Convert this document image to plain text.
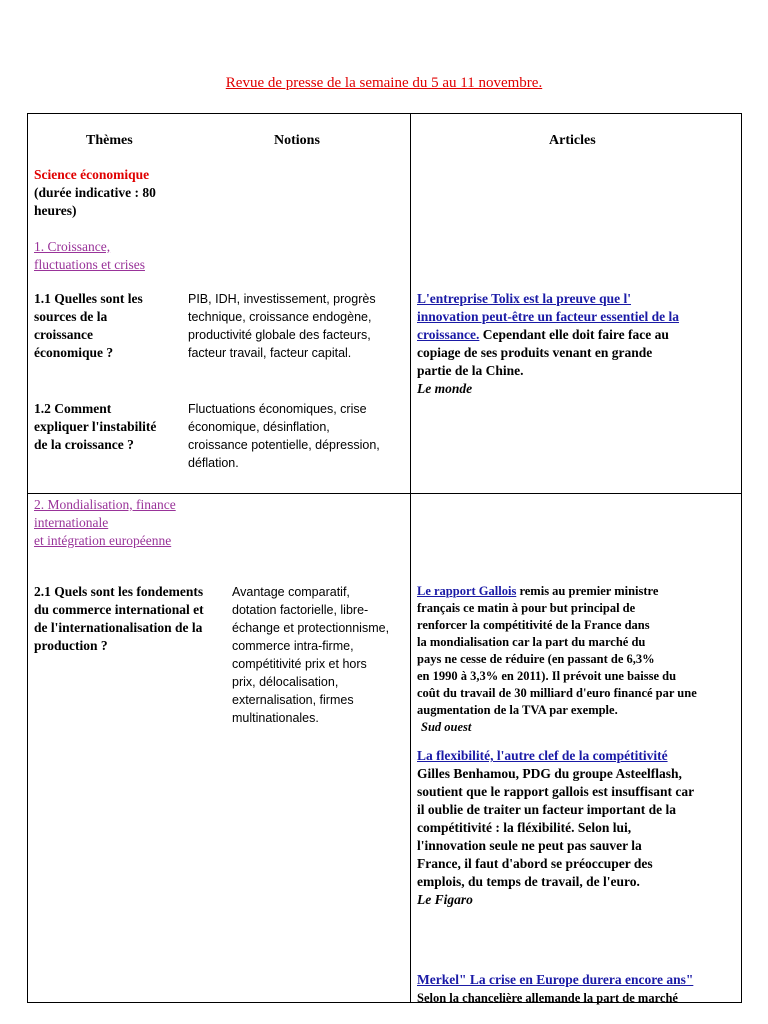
Revue de presse de la semaine du 5 au 11 novembre.
Thèmes	Notions	Articles

Science économique

(durée indicative : 80

heures)

1. Croissance,

fluctuations et crises

1.1 Quelles sont les

sources de la

croissance

économique ?

PIB, IDH, investissement, progrès

technique, croissance endogène,

productivité globale des facteurs,

facteur travail, facteur capital.

1.2 Comment

expliquer l'instabilité

de la croissance ?

Fluctuations économiques, crise

économique, désinflation,

croissance potentielle, dépression,

déflation.

L'entreprise Tolix est la preuve que l'

innovation peut-être un facteur essentiel de la

croissance. Cependant elle doit faire face au

copiage de ses produits venant en grande

partie de la Chine.

Le monde

2. Mondialisation, finance

internationale

et intégration européenne

2.1 Quels sont les fondements

du commerce international et

de l'internationalisation de la

production ?

Avantage comparatif,

dotation factorielle, libre-

échange et protectionnisme,

commerce intra-firme,

compétitivité prix et hors

prix, délocalisation,

externalisation, firmes

multinationales.

Le rapport Gallois remis au premier ministre

français ce matin à pour but principal de

renforcer la compétitivité de la France dans

la mondialisation car la part du marché du

pays ne cesse de réduire (en passant de 6,3%

en 1990 à 3,3% en 2011). Il prévoit une baisse du

coût du travail de 30 milliard d'euro financé par une

augmentation de la TVA par exemple.

Sud ouest

La flexibilité, l'autre clef de la compétitivité

Gilles Benhamou, PDG du groupe Asteelflash,

soutient que le rapport gallois est insuffisant car

il oublie de traiter un facteur important de la

compétitivité : la fléxibilité. Selon lui,

l'innovation seule ne peut pas sauver la

France, il faut d'abord se préoccuper des

emplois, du temps de travail, de l'euro.

Le Figaro

Merkel" La crise en Europe durera encore ans"

Selon la chancelière allemande la part de marché
